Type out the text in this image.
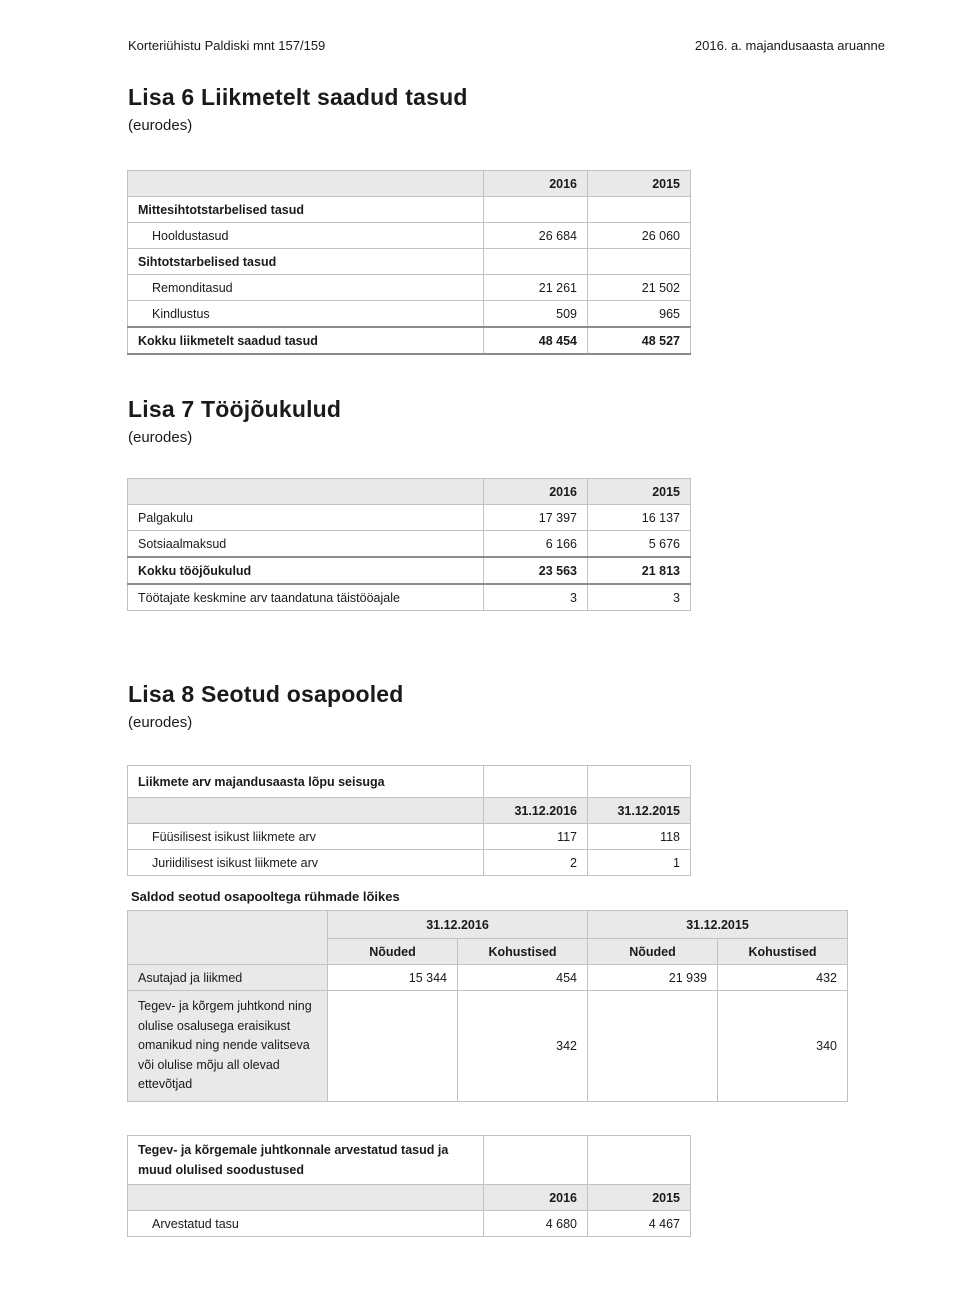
Korteriühistu Paldiski mnt 157/159	2016. a. majandusaasta aruanne
Lisa 6 Liikmetelt saadud tasud
(eurodes)
	2016	2015
Mittesihtotstarbelised tasud		
Hooldustasud	26 684	26 060
Sihtotstarbelised tasud		
Remonditasud	21 261	21 502
Kindlustus	509	965
Kokku liikmetelt saadud tasud	48 454	48 527
Lisa 7 Tööjõukulud
(eurodes)
	2016	2015
Palgakulu	17 397	16 137
Sotsiaalmaksud	6 166	5 676
Kokku tööjõukulud	23 563	21 813
Töötajate keskmine arv taandatuna täistööajale	3	3
Lisa 8 Seotud osapooled
(eurodes)
Liikmete arv majandusaasta lõpu seisuga		
	31.12.2016	31.12.2015
Füüsilisest isikust liikmete arv	117	118
Juriidilisest isikust liikmete arv	2	1
Saldod seotud osapooltega rühmade lõikes
	31.12.2016		31.12.2015	
	Nõuded	Kohustised	Nõuded	Kohustised
Asutajad ja liikmed	15 344	454	21 939	432
Tegev- ja kõrgem juhtkond ning olulise osalusega eraisikust omanikud ning nende valitseva või olulise mõju all olevad ettevõtjad		342		340
Tegev- ja kõrgemale juhtkonnale arvestatud tasud ja muud olulised soodustused		
	2016	2015
Arvestatud tasu	4 680	4 467
